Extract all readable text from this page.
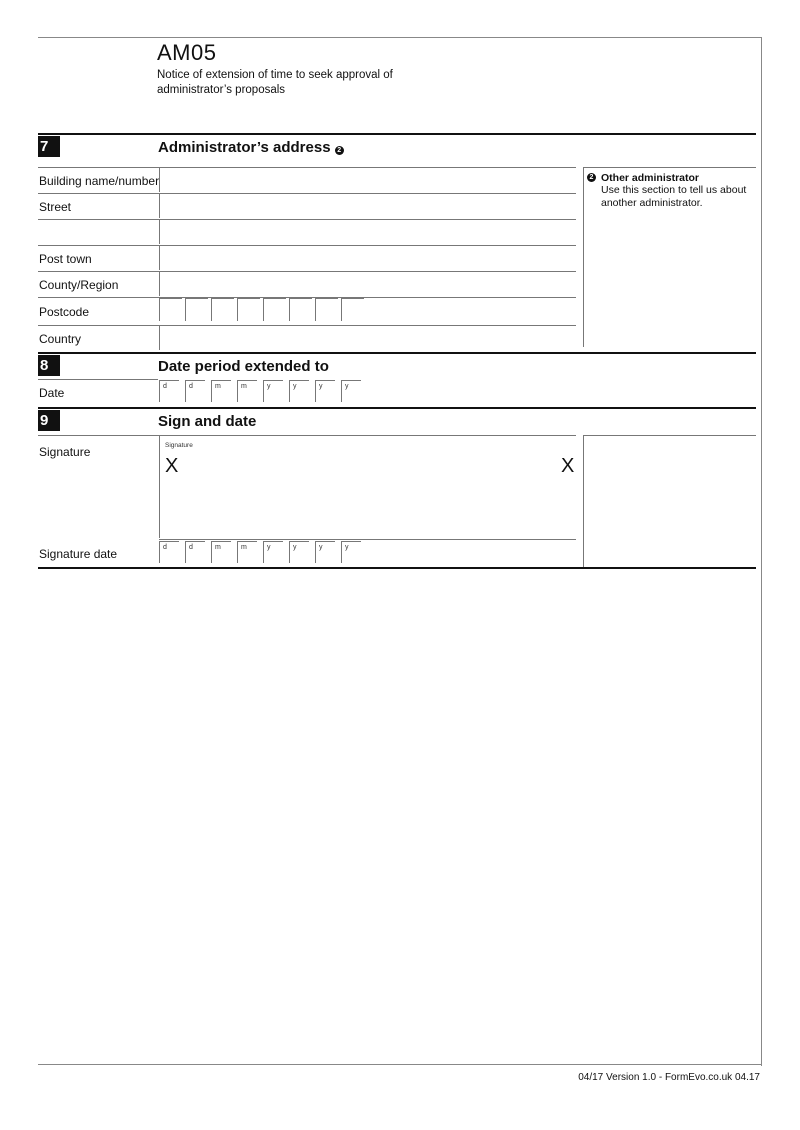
AM05
Notice of extension of time to seek approval of administrator’s proposals
7	Administrator’s address 2
Building name/number
Street
Post town
County/Region
Postcode
Country
2 Other administrator
Use this section to tell us about another administrator.
8	Date period extended to
Date	d	d	m	m	y	y	y	y
9	Sign and date
Signature	Signature
X	X
Signature date	d	d	m	m	y	y	y	y
04/17 Version 1.0 - FormEvo.co.uk 04.17
